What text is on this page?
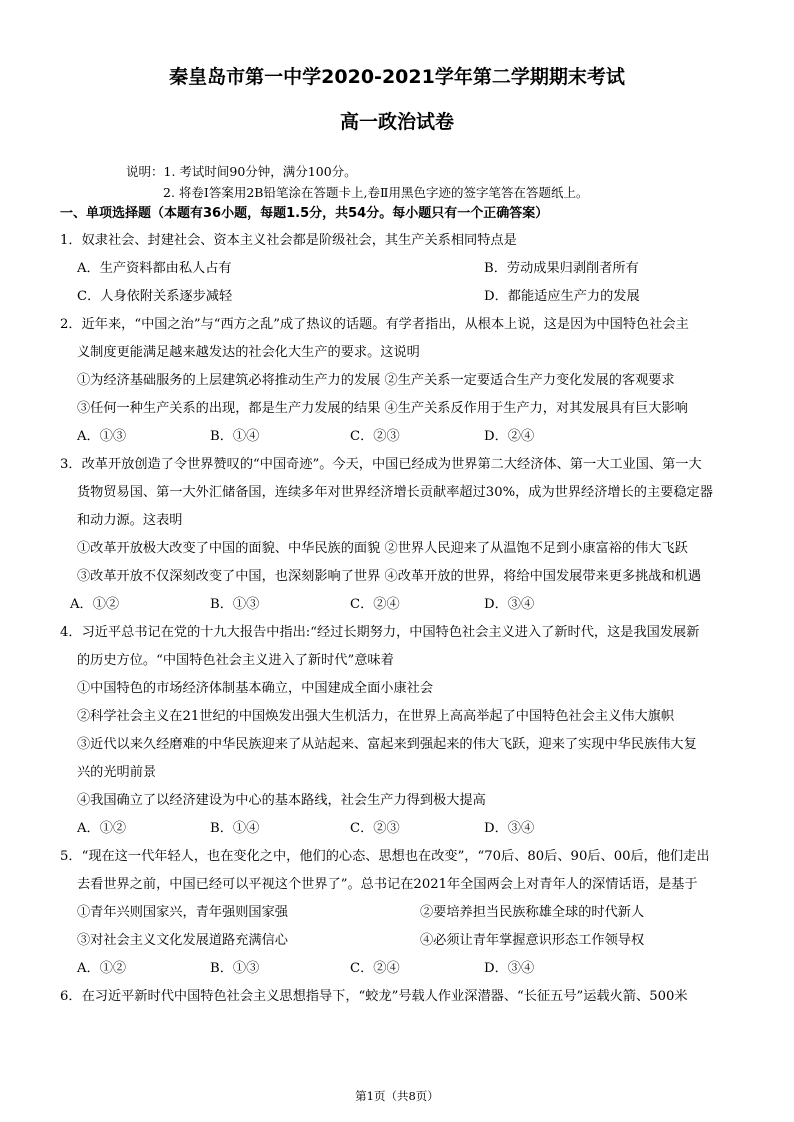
秦皇岛市第一中学2020-2021学年第二学期期末考试
高一政治试卷
说明：1. 考试时间90分钟，满分100分。
2. 将卷Ⅰ答案用2B铅笔涂在答题卡上,卷Ⅱ用黑色字迹的签字笔答在答题纸上。
一、单项选择题（本题有36小题，每题1.5分，共54分。每小题只有一个正确答案）
1．奴隶社会、封建社会、资本主义社会都是阶级社会，其生产关系相同特点是
A．生产资料都由私人占有	B．劳动成果归剥削者所有
C．人身依附关系逐步减轻	D．都能适应生产力的发展
2．近年来，“中国之治”与“西方之乱”成了热议的话题。有学者指出，从根本上说，这是因为中国特色社会主
义制度更能满足越来越发达的社会化大生产的要求。这说明
①为经济基础服务的上层建筑必将推动生产力的发展 ②生产关系一定要适合生产力变化发展的客观要求
③任何一种生产关系的出现，都是生产力发展的结果 ④生产关系反作用于生产力，对其发展具有巨大影响
A．①③	B．①④	C．②③	D．②④
3．改革开放创造了令世界赞叹的“中国奇迹”。今天，中国已经成为世界第二大经济体、第一大工业国、第一大
货物贸易国、第一大外汇储备国，连续多年对世界经济增长贡献率超过30%，成为世界经济增长的主要稳定器
和动力源。这表明
①改革开放极大改变了中国的面貌、中华民族的面貌 ②世界人民迎来了从温饱不足到小康富裕的伟大飞跃
③改革开放不仅深刻改变了中国，也深刻影响了世界 ④改革开放的世界，将给中国发展带来更多挑战和机遇
A．①②	B．①③	C．②④	D．③④
4．习近平总书记在党的十九大报告中指出:“经过长期努力，中国特色社会主义进入了新时代，这是我国发展新
的历史方位。“中国特色社会主义进入了新时代”意味着
①中国特色的市场经济体制基本确立，中国建成全面小康社会
②科学社会主义在21世纪的中国焕发出强大生机活力，在世界上高高举起了中国特色社会主义伟大旗帜
③近代以来久经磨难的中华民族迎来了从站起来、富起来到强起来的伟大飞跃，迎来了实现中华民族伟大复
兴的光明前景
④我国确立了以经济建设为中心的基本路线，社会生产力得到极大提高
A．①②	B．①④	C．②③	D．③④
5．“现在这一代年轻人，也在变化之中，他们的心态、思想也在改变”，“70后、80后、90后、00后，他们走出
去看世界之前，中国已经可以平视这个世界了”。总书记在2021年全国两会上对青年人的深情话语，是基于
①青年兴则国家兴，青年强则国家强	②要培养担当民族称雄全球的时代新人
③对社会主义文化发展道路充满信心	④必须让青年掌握意识形态工作领导权
A．①②	B．①③	C．②④	D．③④
6．在习近平新时代中国特色社会主义思想指导下，“蛟龙”号载人作业深潜器、“长征五号”运载火箭、500米
第1页（共8页）
